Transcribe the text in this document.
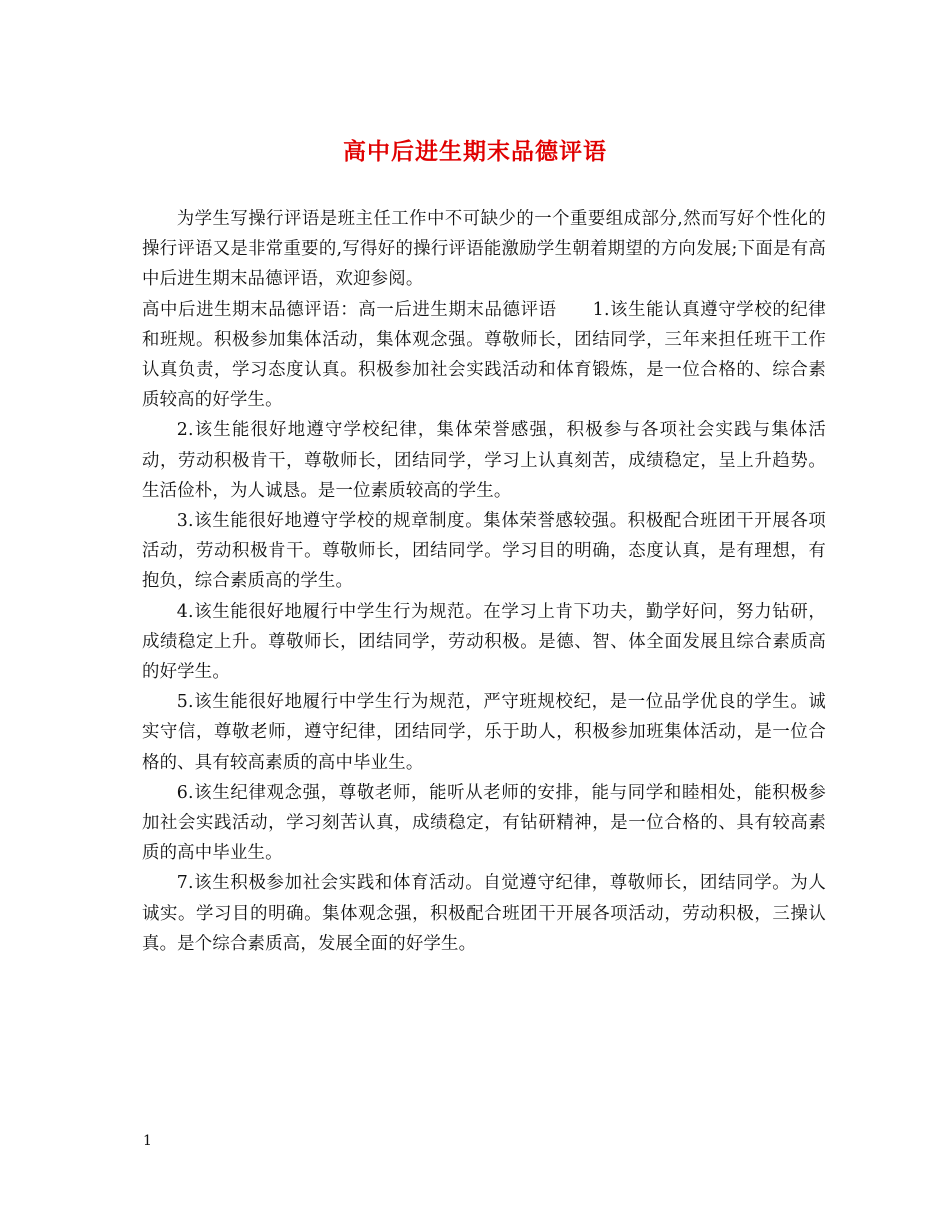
高中后进生期末品德评语

为学生写操行评语是班主任工作中不可缺少的一个重要组成部分,然而写好个性化的操行评语又是非常重要的,写得好的操行评语能激励学生朝着期望的方向发展;下面是有高中后进生期末品德评语，欢迎参阅。

高中后进生期末品德评语：高一后进生期末品德评语　　1.该生能认真遵守学校的纪律和班规。积极参加集体活动，集体观念强。尊敬师长，团结同学，三年来担任班干工作认真负责，学习态度认真。积极参加社会实践活动和体育锻炼，是一位合格的、综合素质较高的好学生。

2.该生能很好地遵守学校纪律，集体荣誉感强，积极参与各项社会实践与集体活动，劳动积极肯干，尊敬师长，团结同学，学习上认真刻苦，成绩稳定，呈上升趋势。生活俭朴，为人诚恳。是一位素质较高的学生。

3.该生能很好地遵守学校的规章制度。集体荣誉感较强。积极配合班团干开展各项活动，劳动积极肯干。尊敬师长，团结同学。学习目的明确，态度认真，是有理想，有抱负，综合素质高的学生。

4.该生能很好地履行中学生行为规范。在学习上肯下功夫，勤学好问，努力钻研，成绩稳定上升。尊敬师长，团结同学，劳动积极。是德、智、体全面发展且综合素质高的好学生。

5.该生能很好地履行中学生行为规范，严守班规校纪，是一位品学优良的学生。诚实守信，尊敬老师，遵守纪律，团结同学，乐于助人，积极参加班集体活动，是一位合格的、具有较高素质的高中毕业生。

6.该生纪律观念强，尊敬老师，能听从老师的安排，能与同学和睦相处，能积极参加社会实践活动，学习刻苦认真，成绩稳定，有钻研精神，是一位合格的、具有较高素质的高中毕业生。

7.该生积极参加社会实践和体育活动。自觉遵守纪律，尊敬师长，团结同学。为人诚实。学习目的明确。集体观念强，积极配合班团干开展各项活动，劳动积极，三操认真。是个综合素质高，发展全面的好学生。

1
